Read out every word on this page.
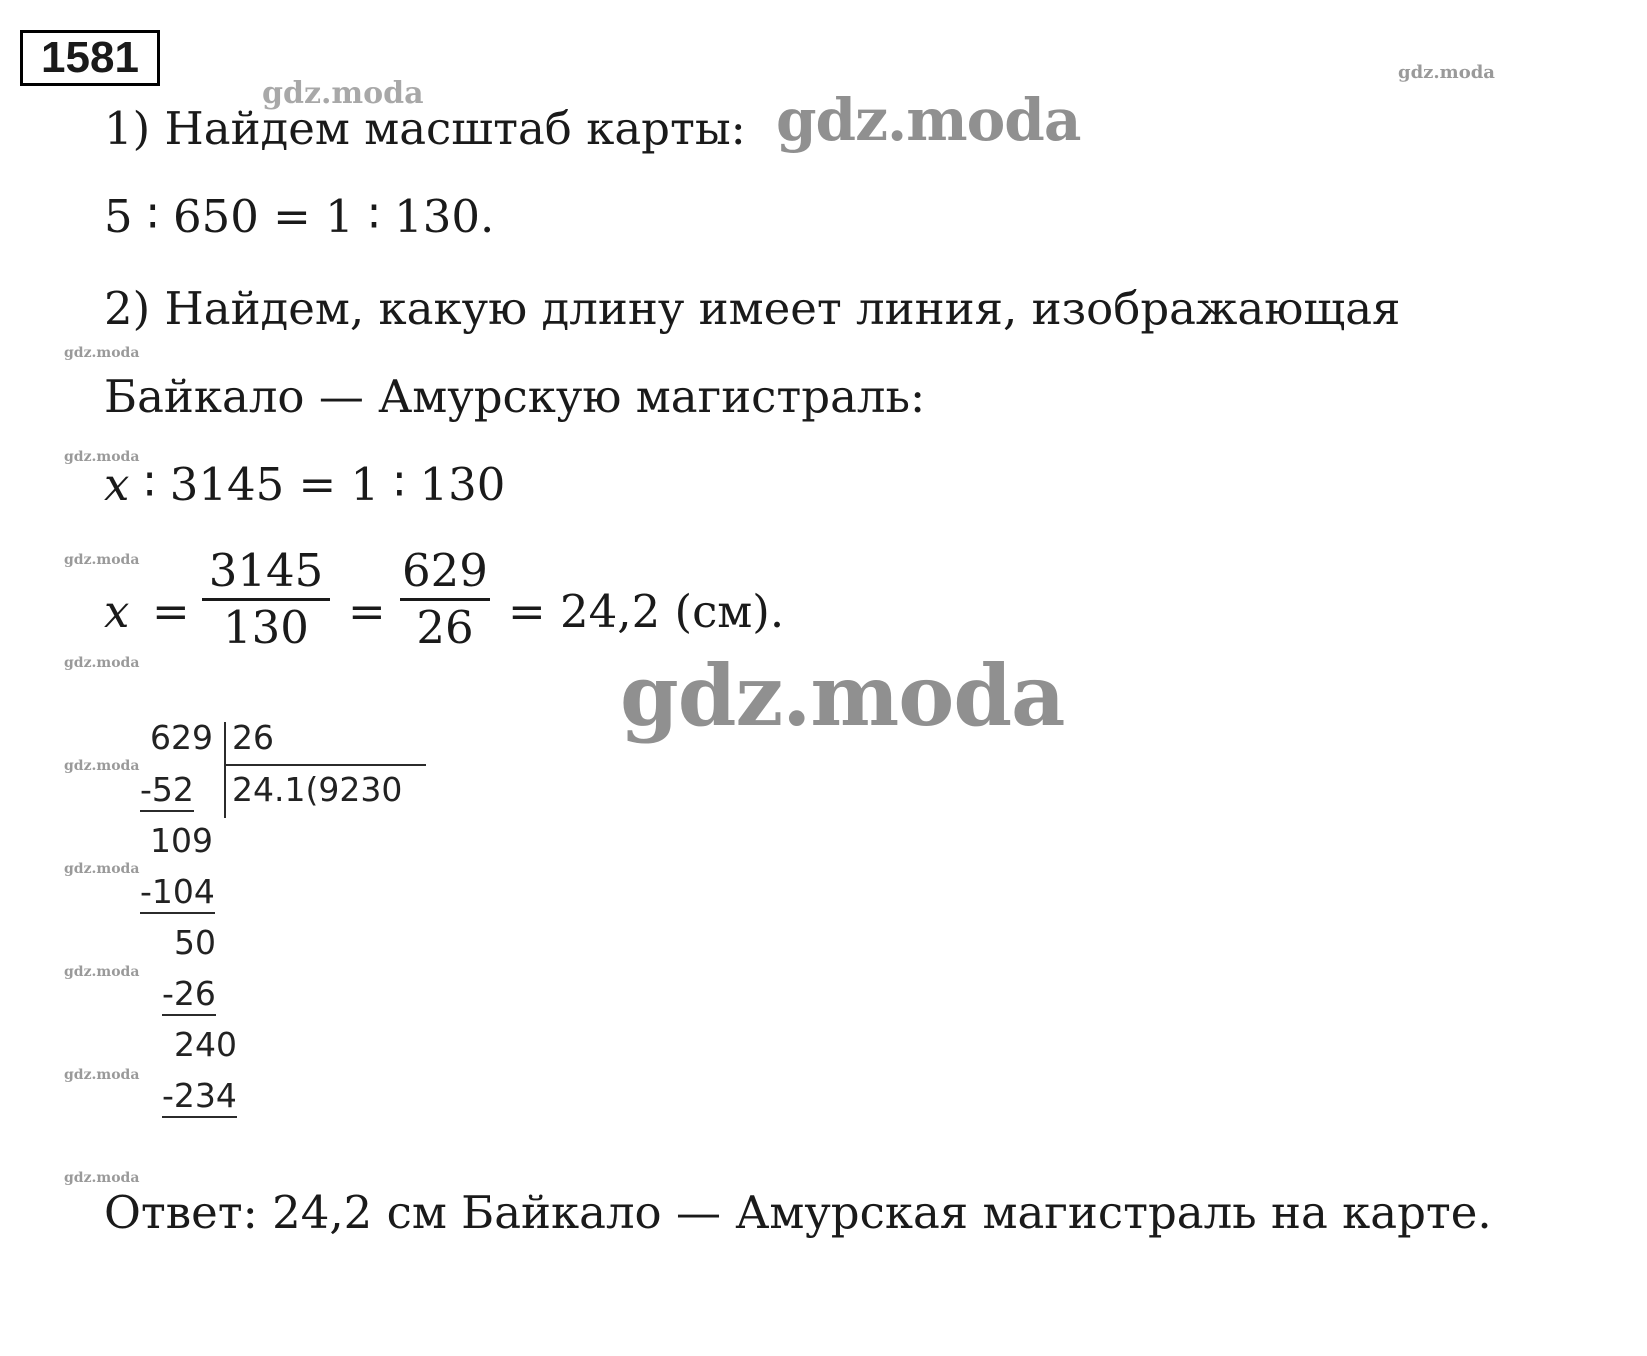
1581
gdz.moda
gdz.moda
gdz.moda
gdz.moda
gdz.moda
gdz.moda
gdz.moda
gdz.moda
gdz.moda
gdz.moda
gdz.moda
gdz.moda
1) Найдем масштаб карты:
5 ∶ 650 = 1 ∶ 130.
2) Найдем, какую длину имеет линия, изображающая
Байкало — Амурскую магистраль:
x ∶ 3145 = 1 ∶ 130
x =
3145
130 =
629
26 = 24,2 (см).
gdz.moda
629 26
24.1(9230
-52
109
-104
50
-26
240
-234
Ответ: 24,2 см Байкало — Амурская магистраль на карте.
